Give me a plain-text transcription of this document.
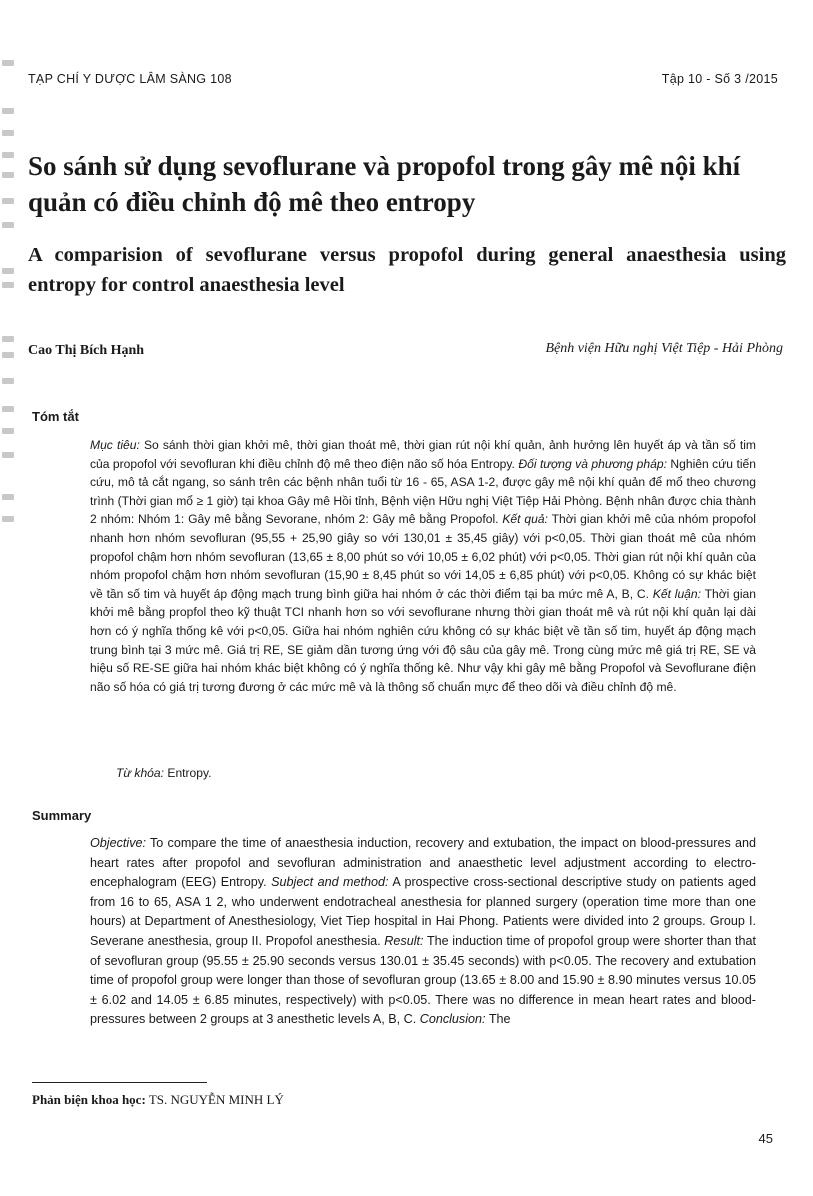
TẠP CHÍ Y DƯỢC LÂM SÀNG 108	Tập 10 - Số 3 /2015
So sánh sử dụng sevoflurane và propofol trong gây mê nội khí quản có điều chỉnh độ mê theo entropy
A comparision of sevoflurane versus propofol during general anaesthesia using entropy for control anaesthesia level
Cao Thị Bích Hạnh	Bệnh viện Hữu nghị Việt Tiệp - Hải Phòng
Tóm tắt

Mục tiêu: So sánh thời gian khởi mê, thời gian thoát mê, thời gian rút nội khí quản, ảnh hưởng lên huyết áp và tần số tim của propofol với sevofluran khi điều chỉnh độ mê theo điện não số hóa Entropy. Đối tượng và phương pháp: Nghiên cứu tiến cứu, mô tả cắt ngang, so sánh trên các bệnh nhân tuổi từ 16 - 65, ASA 1-2, được gây mê nội khí quản để mổ theo chương trình (Thời gian mổ ≥ 1 giờ) tại khoa Gây mê Hồi tỉnh, Bệnh viện Hữu nghị Việt Tiệp Hải Phòng. Bệnh nhân được chia thành 2 nhóm: Nhóm 1: Gây mê bằng Sevorane, nhóm 2: Gây mê bằng Propofol. Kết quả: Thời gian khởi mê của nhóm propofol nhanh hơn nhóm sevofluran (95,55 + 25,90 giây so với 130,01 ± 35,45 giây) với p<0,05. Thời gian thoát mê của nhóm propofol chậm hơn nhóm sevofluran (13,65 ± 8,00 phút so với 10,05 ± 6,02 phút) với p<0,05. Thời gian rút nội khí quản của nhóm propofol chậm hơn nhóm sevofluran (15,90 ± 8,45 phút so với 14,05 ± 6,85 phút) với p<0,05. Không có sự khác biệt về tần số tim và huyết áp động mạch trung bình giữa hai nhóm ở các thời điểm tại ba mức mê A, B, C. Kết luận: Thời gian khởi mê bằng propfol theo kỹ thuật TCI nhanh hơn so với sevoflurane nhưng thời gian thoát mê và rút nội khí quản lại dài hơn có ý nghĩa thống kê với p<0,05. Giữa hai nhóm nghiên cứu không có sự khác biệt về tần số tim, huyết áp động mạch trung bình tại 3 mức mê. Giá trị RE, SE giảm dần tương ứng với độ sâu của gây mê. Trong cùng mức mê giá trị RE, SE và hiệu số RE-SE giữa hai nhóm khác biệt không có ý nghĩa thống kê. Như vậy khi gây mê bằng Propofol và Sevoflurane điện não số hóa có giá trị tương đương ở các mức mê và là thông số chuẩn mực để theo dõi và điều chỉnh độ mê.

Từ khóa: Entropy.
Summary

Objective: To compare the time of anaesthesia induction, recovery and extubation, the impact on blood-pressures and heart rates after propofol and sevofluran administration and anaesthetic level adjustment according to electro-encephalogram (EEG) Entropy. Subject and method: A prospective cross-sectional descriptive study on patients aged from 16 to 65, ASA 1 2, who underwent endotracheal anesthesia for planned surgery (operation time more than one hours) at Department of Anesthesiology, Viet Tiep hospital in Hai Phong. Patients were divided into 2 groups. Group I. Severane anesthesia, group II. Propofol anesthesia. Result: The induction time of propofol group were shorter than that of sevofluran group (95.55 ± 25.90 seconds versus 130.01 ± 35.45 seconds) with p<0.05. The recovery and extubation time of propofol group were longer than those of sevofluran group (13.65 ± 8.00 and 15.90 ± 8.90 minutes versus 10.05 ± 6.02 and 14.05 ± 6.85 minutes, respectively) with p<0.05. There was no difference in mean heart rates and blood-pressures between 2 groups at 3 anesthetic levels A, B, C. Conclusion: The

Phản biện khoa học: TS. NGUYỄN MINH LÝ
45
